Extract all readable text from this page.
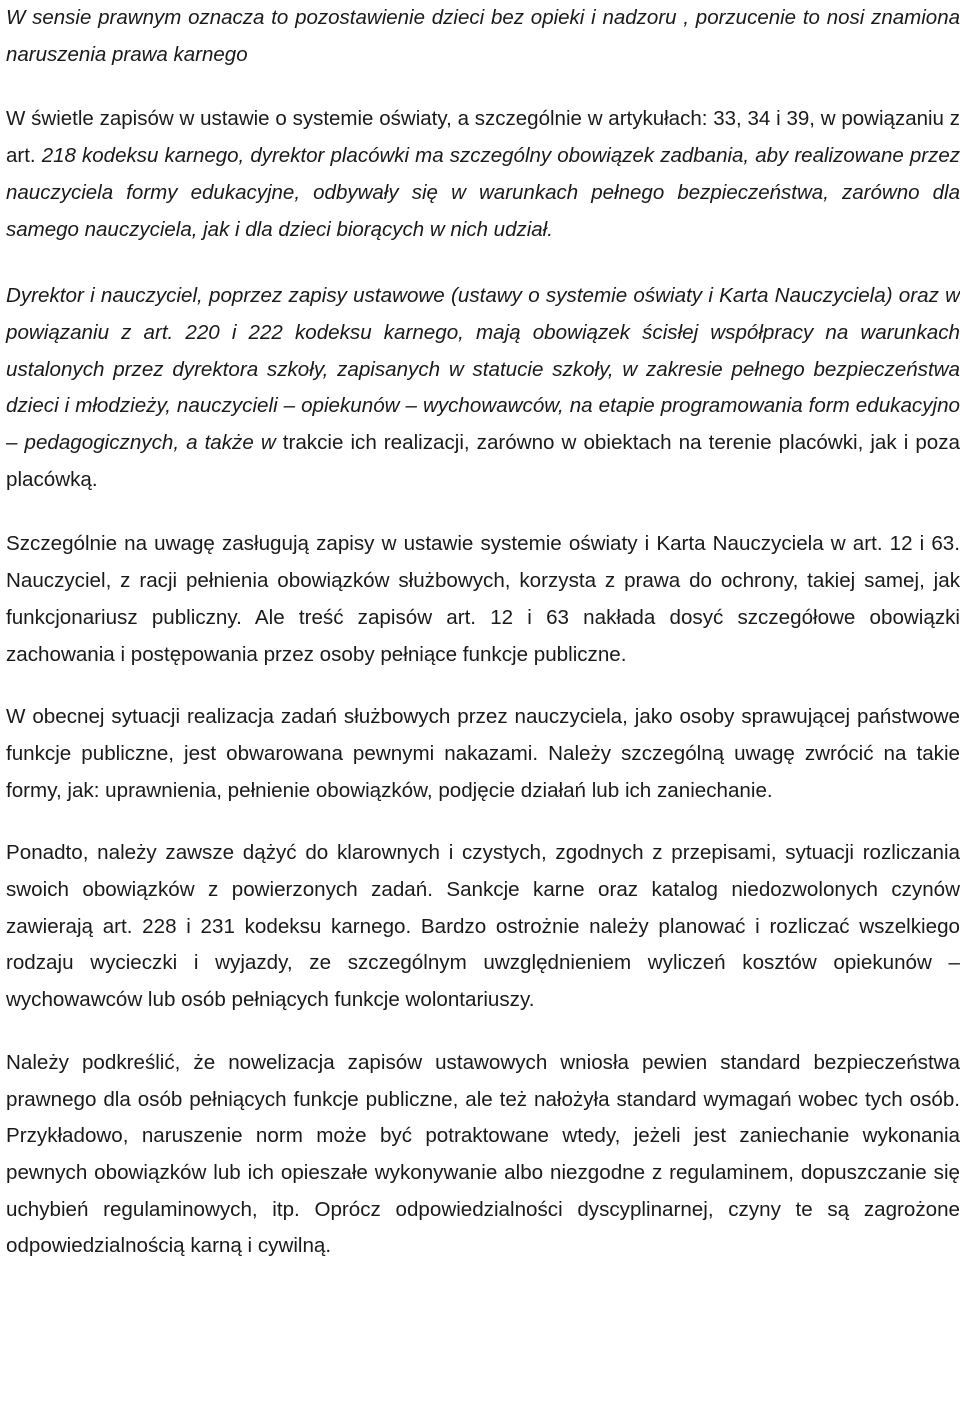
W sensie prawnym oznacza to pozostawienie dzieci bez opieki i nadzoru , porzucenie to nosi znamiona naruszenia prawa karnego

W świetle zapisów w ustawie o systemie oświaty, a szczególnie w artykułach: 33, 34 i 39, w powiązaniu z art. 218 kodeksu karnego, dyrektor placówki ma szczególny obowiązek zadbania, aby realizowane przez nauczyciela formy edukacyjne, odbywały się w warunkach pełnego bezpieczeństwa, zarówno dla samego nauczyciela, jak i dla dzieci biorących w nich udział.

Dyrektor i nauczyciel, poprzez zapisy ustawowe (ustawy o systemie oświaty i Karta Nauczyciela) oraz w powiązaniu z art. 220 i 222 kodeksu karnego, mają obowiązek ścisłej współpracy na warunkach ustalonych przez dyrektora szkoły, zapisanych w statucie szkoły, w zakresie pełnego bezpieczeństwa dzieci i młodzieży, nauczycieli – opiekunów – wychowawców, na etapie programowania form edukacyjno – pedagogicznych, a także w trakcie ich realizacji, zarówno w obiektach na terenie placówki, jak i poza placówką.

Szczególnie na uwagę zasługują zapisy w ustawie systemie oświaty i Karta Nauczyciela w art. 12 i 63. Nauczyciel, z racji pełnienia obowiązków służbowych, korzysta z prawa do ochrony, takiej samej, jak funkcjonariusz publiczny. Ale treść zapisów art. 12 i 63 nakłada dosyć szczegółowe obowiązki zachowania i postępowania przez osoby pełniące funkcje publiczne.

W obecnej sytuacji realizacja zadań służbowych przez nauczyciela, jako osoby sprawującej państwowe funkcje publiczne, jest obwarowana pewnymi nakazami. Należy szczególną uwagę zwrócić na takie formy, jak: uprawnienia, pełnienie obowiązków, podjęcie działań lub ich zaniechanie.

Ponadto, należy zawsze dążyć do klarownych i czystych, zgodnych z przepisami, sytuacji rozliczania swoich obowiązków z powierzonych zadań. Sankcje karne oraz katalog niedozwolonych czynów zawierają art. 228 i 231 kodeksu karnego. Bardzo ostrożnie należy planować i rozliczać wszelkiego rodzaju wycieczki i wyjazdy, ze szczególnym uwzględnieniem wyliczeń kosztów opiekunów – wychowawców lub osób pełniących funkcje wolontariuszy.

Należy podkreślić, że nowelizacja zapisów ustawowych wniosła pewien standard bezpieczeństwa prawnego dla osób pełniących funkcje publiczne, ale też nałożyła standard wymagań wobec tych osób. Przykładowo, naruszenie norm może być potraktowane wtedy, jeżeli jest zaniechanie wykonania pewnych obowiązków lub ich opieszałe wykonywanie albo niezgodne z regulaminem, dopuszczanie się uchybień regulaminowych, itp. Oprócz odpowiedzialności dyscyplinarnej, czyny te są zagrożone odpowiedzialnością karną i cywilną.
